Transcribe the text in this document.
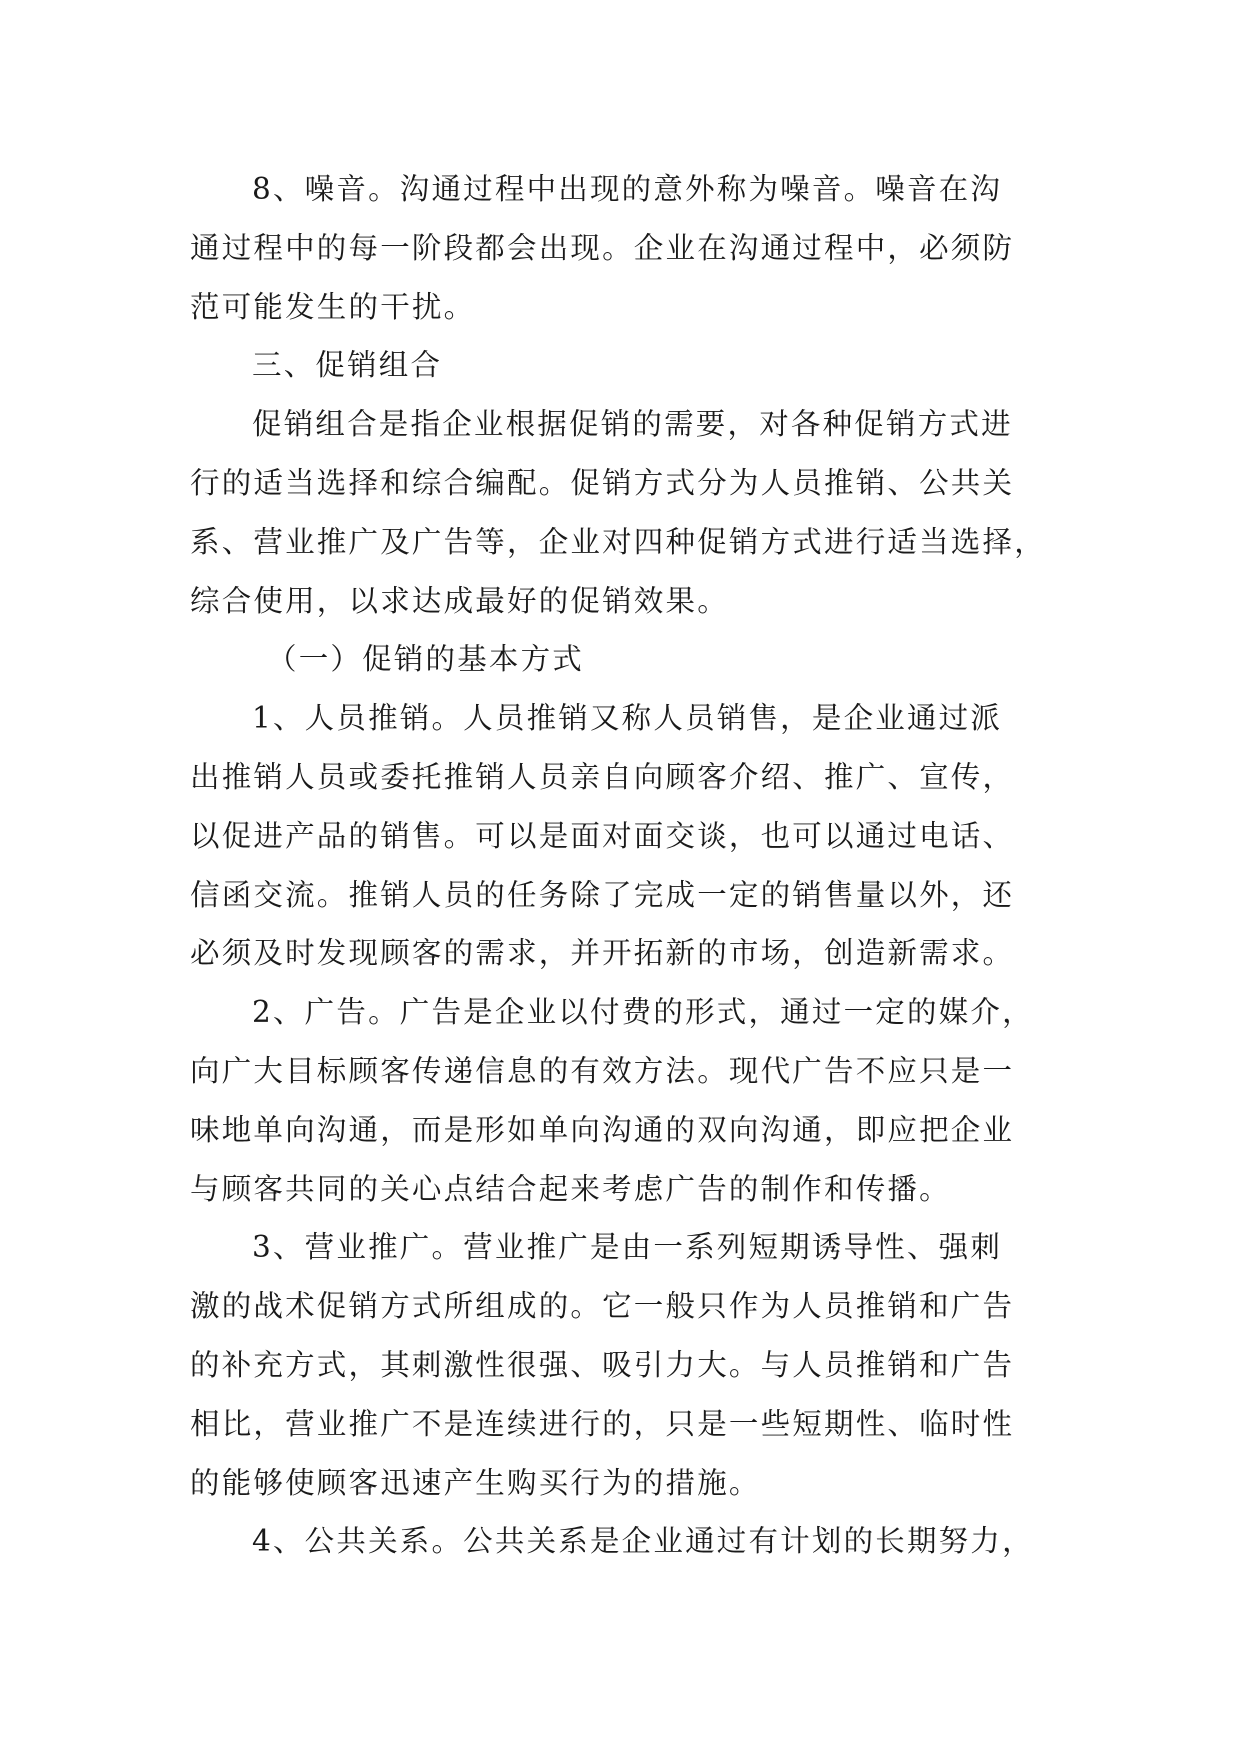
8、噪音。沟通过程中出现的意外称为噪音。噪音在沟
通过程中的每一阶段都会出现。企业在沟通过程中，必须防
范可能发生的干扰。
三、促销组合
促销组合是指企业根据促销的需要，对各种促销方式进
行的适当选择和综合编配。促销方式分为人员推销、公共关
系、营业推广及广告等，企业对四种促销方式进行适当选择，
综合使用，以求达成最好的促销效果。
（一）促销的基本方式
1、人员推销。人员推销又称人员销售，是企业通过派
出推销人员或委托推销人员亲自向顾客介绍、推广、宣传，
以促进产品的销售。可以是面对面交谈，也可以通过电话、
信函交流。推销人员的任务除了完成一定的销售量以外，还
必须及时发现顾客的需求，并开拓新的市场，创造新需求。
2、广告。广告是企业以付费的形式，通过一定的媒介，
向广大目标顾客传递信息的有效方法。现代广告不应只是一
味地单向沟通，而是形如单向沟通的双向沟通，即应把企业
与顾客共同的关心点结合起来考虑广告的制作和传播。
3、营业推广。营业推广是由一系列短期诱导性、强刺
激的战术促销方式所组成的。它一般只作为人员推销和广告
的补充方式，其刺激性很强、吸引力大。与人员推销和广告
相比，营业推广不是连续进行的，只是一些短期性、临时性
的能够使顾客迅速产生购买行为的措施。
4、公共关系。公共关系是企业通过有计划的长期努力，
